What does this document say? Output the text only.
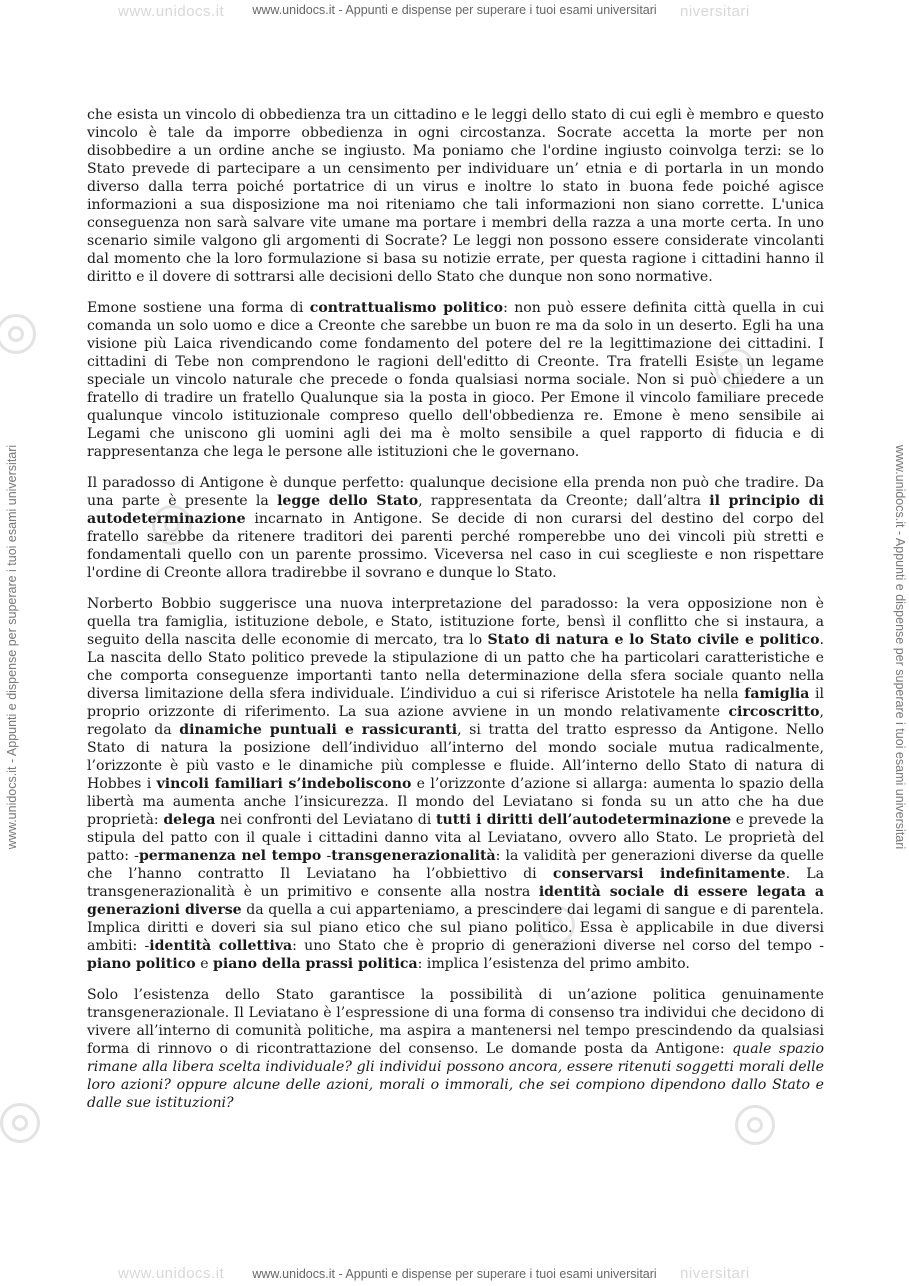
www.unidocs.it	niversitari
www.unidocs.it - Appunti e dispense per superare i tuoi esami universitari
www.unidocs.it - Appunti e dispense per superare i tuoi esami universitari	www.unidocs.it - Appunti e dispense per superare i tuoi esami universitari
www.unidocs.it	niversitari
www.unidocs.it - Appunti e dispense per superare i tuoi esami universitari

che esista un vincolo di obbedienza tra un cittadino e le leggi dello stato di cui egli è membro e questo vincolo è tale da imporre obbedienza in ogni circostanza. Socrate accetta la morte per non disobbedire a un ordine anche se ingiusto. Ma poniamo che l'ordine ingiusto coinvolga terzi: se lo Stato prevede di partecipare a un censimento per individuare un’ etnia e di portarla in un mondo diverso dalla terra poiché portatrice di un virus e inoltre lo stato in buona fede poiché agisce informazioni a sua disposizione ma noi riteniamo che tali informazioni non siano corrette. L'unica conseguenza non sarà salvare vite umane ma portare i membri della razza a una morte certa. In uno scenario simile valgono gli argomenti di Socrate? Le leggi non possono essere considerate vincolanti dal momento che la loro formulazione si basa su notizie errate, per questa ragione i cittadini hanno il diritto e il dovere di sottrarsi alle decisioni dello Stato che dunque non sono normative.

Emone sostiene una forma di contrattualismo politico: non può essere definita città quella in cui comanda un solo uomo e dice a Creonte che sarebbe un buon re ma da solo in un deserto. Egli ha una visione più Laica rivendicando come fondamento del potere del re la legittimazione dei cittadini. I cittadini di Tebe non comprendono le ragioni dell'editto di Creonte. Tra fratelli Esiste un legame speciale un vincolo naturale che precede o fonda qualsiasi norma sociale. Non si può chiedere a un fratello di tradire un fratello Qualunque sia la posta in gioco. Per Emone il vincolo familiare precede qualunque vincolo istituzionale compreso quello dell'obbedienza re. Emone è meno sensibile ai Legami che uniscono gli uomini agli dei ma è molto sensibile a quel rapporto di fiducia e di rappresentanza che lega le persone alle istituzioni che le governano.

Il paradosso di Antigone è dunque perfetto: qualunque decisione ella prenda non può che tradire. Da una parte è presente la legge dello Stato, rappresentata da Creonte; dall’altra il principio di autodeterminazione incarnato in Antigone. Se decide di non curarsi del destino del corpo del fratello sarebbe da ritenere traditori dei parenti perché romperebbe uno dei vincoli più stretti e fondamentali quello con un parente prossimo. Viceversa nel caso in cui sceglieste e non rispettare l'ordine di Creonte allora tradirebbe il sovrano e dunque lo Stato.

Norberto Bobbio suggerisce una nuova interpretazione del paradosso: la vera opposizione non è quella tra famiglia, istituzione debole, e Stato, istituzione forte, bensì il conflitto che si instaura, a seguito della nascita delle economie di mercato, tra lo Stato di natura e lo Stato civile e politico. La nascita dello Stato politico prevede la stipulazione di un patto che ha particolari caratteristiche e che comporta conseguenze importanti tanto nella determinazione della sfera sociale quanto nella diversa limitazione della sfera individuale. L’individuo a cui si riferisce Aristotele ha nella famiglia il proprio orizzonte di riferimento. La sua azione avviene in un mondo relativamente circoscritto, regolato da dinamiche puntuali e rassicuranti, si tratta del tratto espresso da Antigone. Nello Stato di natura la posizione dell’individuo all’interno del mondo sociale mutua radicalmente, l’orizzonte è più vasto e le dinamiche più complesse e fluide. All’interno dello Stato di natura di Hobbes i vincoli familiari s’indeboliscono e l’orizzonte d’azione si allarga: aumenta lo spazio della libertà ma aumenta anche l’insicurezza. Il mondo del Leviatano si fonda su un atto che ha due proprietà: delega nei confronti del Leviatano di tutti i diritti dell’autodeterminazione e prevede la stipula del patto con il quale i cittadini danno vita al Leviatano, ovvero allo Stato. Le proprietà del patto: -permanenza nel tempo -transgenerazionalità: la validità per generazioni diverse da quelle che l’hanno contratto Il Leviatano ha l’obbiettivo di conservarsi indefinitamente. La transgenerazionalità è un primitivo e consente alla nostra identità sociale di essere legata a generazioni diverse da quella a cui apparteniamo, a prescindere dai legami di sangue e di parentela. Implica diritti e doveri sia sul piano etico che sul piano politico. Essa è applicabile in due diversi ambiti: -identità collettiva: uno Stato che è proprio di generazioni diverse nel corso del tempo -piano politico e piano della prassi politica: implica l’esistenza del primo ambito.

Solo l’esistenza dello Stato garantisce la possibilità di un’azione politica genuinamente transgenerazionale. Il Leviatano è l’espressione di una forma di consenso tra individui che decidono di vivere all’interno di comunità politiche, ma aspira a mantenersi nel tempo prescindendo da qualsiasi forma di rinnovo o di ricontrattazione del consenso. Le domande posta da Antigone: quale spazio rimane alla libera scelta individuale? gli individui possono ancora, essere ritenuti soggetti morali delle loro azioni? oppure alcune delle azioni, morali o immorali, che sei compiono dipendono dallo Stato e dalle sue istituzioni?
